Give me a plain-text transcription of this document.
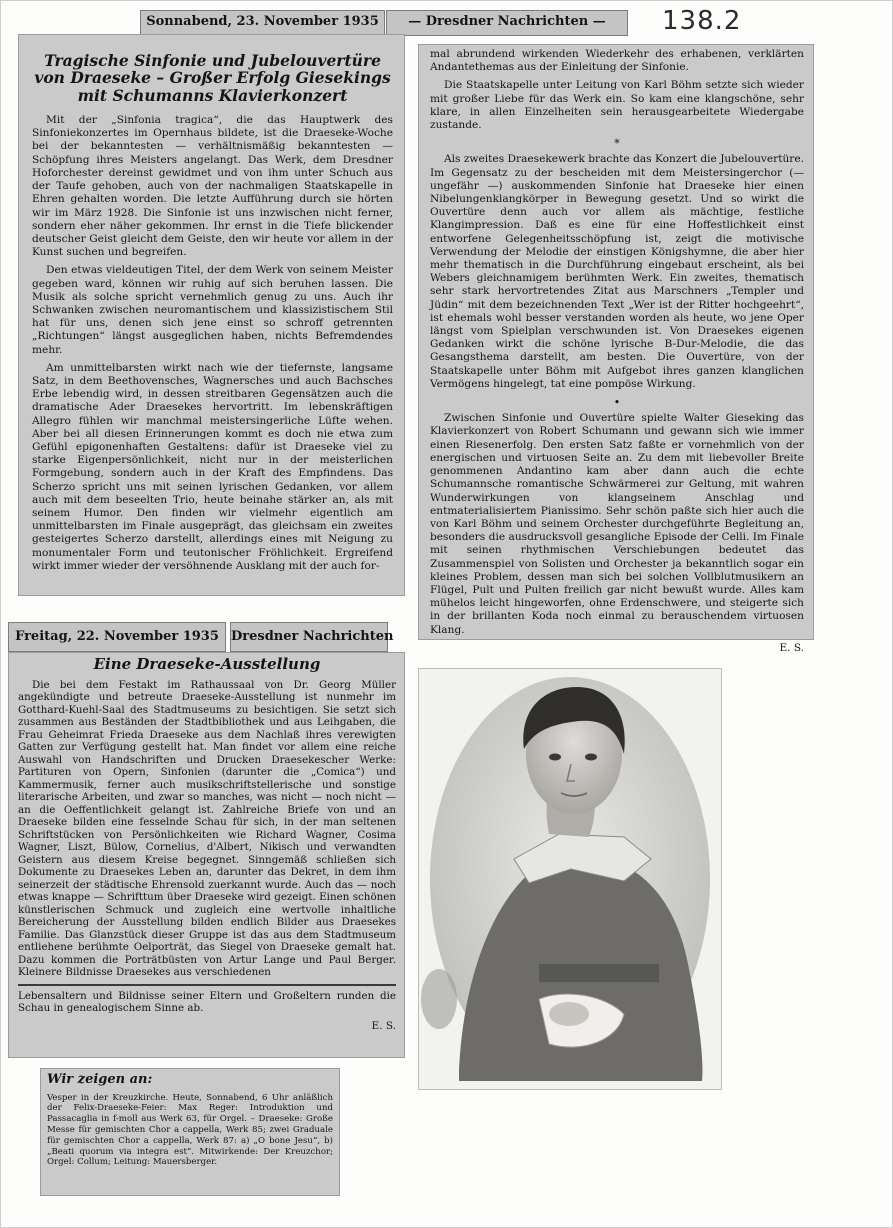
138.2
Sonnabend, 23. November 1935	— Dresdner Nachrichten —
Tragische Sinfonie und Jubelouvertüre von Draeseke – Großer Erfolg Giesekings mit Schumanns Klavierkonzert

Mit der „Sinfonia tragica“, die das Hauptwerk des Sinfoniekonzertes im Opernhaus bildete, ist die Draeseke-Woche bei der bekanntesten — verhältnismäßig bekanntesten — Schöpfung ihres Meisters angelangt. Das Werk, dem Dresdner Hoforchester dereinst gewidmet und von ihm unter Schuch aus der Taufe gehoben, auch von der nachmaligen Staatskapelle in Ehren gehalten worden. Die letzte Aufführung durch sie hörten wir im März 1928. Die Sinfonie ist uns inzwischen nicht ferner, sondern eher näher gekommen. Ihr ernst in die Tiefe blickender deutscher Geist gleicht dem Geiste, den wir heute vor allem in der Kunst suchen und begreifen.

Den etwas vieldeutigen Titel, der dem Werk von seinem Meister gegeben ward, können wir ruhig auf sich beruhen lassen. Die Musik als solche spricht vernehmlich genug zu uns. Auch ihr Schwanken zwischen neuromantischem und klassizistischem Stil hat für uns, denen sich jene einst so schroff getrennten „Richtungen“ längst ausgeglichen haben, nichts Befremdendes mehr.

Am unmittelbarsten wirkt nach wie der tiefernste, langsame Satz, in dem Beethovensches, Wagnersches und auch Bachsches Erbe lebendig wird, in dessen streitbaren Gegensätzen auch die dramatische Ader Draesekes hervortritt. Im lebenskräftigen Allegro fühlen wir manchmal meistersingerliche Lüfte wehen. Aber bei all diesen Erinnerungen kommt es doch nie etwa zum Gefühl epigonenhaften Gestaltens: dafür ist Draeseke viel zu starke Eigenpersönlichkeit, nicht nur in der meisterlichen Formgebung, sondern auch in der Kraft des Empfindens. Das Scherzo spricht uns mit seinen lyrischen Gedanken, vor allem auch mit dem beseelten Trio, heute beinahe stärker an, als mit seinem Humor. Den finden wir vielmehr eigentlich am unmittelbarsten im Finale ausgeprägt, das gleichsam ein zweites gesteigertes Scherzo darstellt, allerdings eines mit Neigung zu monumentaler Form und teutonischer Fröhlichkeit. Ergreifend wirkt immer wieder der versöhnende Ausklang mit der auch for-

mal abrundend wirkenden Wiederkehr des erhabenen, verklärten Andantethemas aus der Einleitung der Sinfonie.

Die Staatskapelle unter Leitung von Karl Böhm setzte sich wieder mit großer Liebe für das Werk ein. So kam eine klangschöne, sehr klare, in allen Einzelheiten sein herausgearbeitete Wiedergabe zustande.

*

Als zweites Draesekewerk brachte das Konzert die Jubelouvertüre. Im Gegensatz zu der bescheiden mit dem Meistersingerchor (— ungefähr —) auskommenden Sinfonie hat Draeseke hier einen Nibelungenklangkörper in Bewegung gesetzt. Und so wirkt die Ouvertüre denn auch vor allem als mächtige, festliche Klangimpression. Daß es eine für eine Hoffestlichkeit einst entworfene Gelegenheitsschöpfung ist, zeigt die motivische Verwendung der Melodie der einstigen Königshymne, die aber hier mehr thematisch in die Durchführung eingebaut erscheint, als bei Webers gleichnamigem berühmten Werk. Ein zweites, thematisch sehr stark hervortretendes Zitat aus Marschners „Templer und Jüdin“ mit dem bezeichnenden Text „Wer ist der Ritter hochgeehrt“, ist ehemals wohl besser verstanden worden als heute, wo jene Oper längst vom Spielplan verschwunden ist. Von Draesekes eigenen Gedanken wirkt die schöne lyrische B-Dur-Melodie, die das Gesangsthema darstellt, am besten. Die Ouvertüre, von der Staatskapelle unter Böhm mit Aufgebot ihres ganzen klanglichen Vermögens hingelegt, tat eine pompöse Wirkung.

•

Zwischen Sinfonie und Ouvertüre spielte Walter Gieseking das Klavierkonzert von Robert Schumann und gewann sich wie immer einen Riesenerfolg. Den ersten Satz faßte er vornehmlich von der energischen und virtuosen Seite an. Zu dem mit liebevoller Breite genommenen Andantino kam aber dann auch die echte Schumannsche romantische Schwärmerei zur Geltung, mit wahren Wunderwirkungen von klangseinem Anschlag und entmaterialisiertem Pianissimo. Sehr schön paßte sich hier auch die von Karl Böhm und seinem Orchester durchgeführte Begleitung an, besonders die ausdrucksvoll gesangliche Episode der Celli. Im Finale mit seinen rhythmischen Verschiebungen bedeutet das Zusammenspiel von Solisten und Orchester ja bekanntlich sogar ein kleines Problem, dessen man sich bei solchen Vollblutmusikern an Flügel, Pult und Pulten freilich gar nicht bewußt wurde. Alles kam mühelos leicht hingeworfen, ohne Erdenschwere, und steigerte sich in der brillanten Koda noch einmal zu berauschendem virtuosen Klang.

E. S.
Freitag, 22. November 1935 Dresdner Nachrichten
Eine Draeseke-Ausstellung

Die bei dem Festakt im Rathaussaal von Dr. Georg Müller angekündigte und betreute Draeseke-Ausstellung ist nunmehr im Gotthard-Kuehl-Saal des Stadtmuseums zu besichtigen. Sie setzt sich zusammen aus Beständen der Stadtbibliothek und aus Leihgaben, die Frau Geheimrat Frieda Draeseke aus dem Nachlaß ihres verewigten Gatten zur Verfügung gestellt hat. Man findet vor allem eine reiche Auswahl von Handschriften und Drucken Draesekescher Werke: Partituren von Opern, Sinfonien (darunter die „Comica“) und Kammermusik, ferner auch musikschriftstellerische und sonstige literarische Arbeiten, und zwar so manches, was nicht — noch nicht — an die Oeffentlichkeit gelangt ist. Zahlreiche Briefe von und an Draeseke bilden eine fesselnde Schau für sich, in der man seltenen Schriftstücken von Persönlichkeiten wie Richard Wagner, Cosima Wagner, Liszt, Bülow, Cornelius, d'Albert, Nikisch und verwandten Geistern aus diesem Kreise begegnet. Sinngemäß schließen sich Dokumente zu Draesekes Leben an, darunter das Dekret, in dem ihm seinerzeit der städtische Ehrensold zuerkannt wurde. Auch das — noch etwas knappe — Schrifttum über Draeseke wird gezeigt. Einen schönen künstlerischen Schmuck und zugleich eine wertvolle inhaltliche Bereicherung der Ausstellung bilden endlich Bilder aus Draesekes Familie. Das Glanzstück dieser Gruppe ist das aus dem Stadtmuseum entliehene berühmte Oelporträt, das Siegel von Draeseke gemalt hat. Dazu kommen die Porträtbüsten von Artur Lange und Paul Berger. Kleinere Bildnisse Draesekes aus verschiedenen

Lebensaltern und Bildnisse seiner Eltern und Großeltern runden die Schau in genealogischem Sinne ab.

E. S.
Wir zeigen an:

Vesper in der Kreuzkirche. Heute, Sonnabend, 6 Uhr anläßlich der Felix-Draeseke-Feier: Max Reger: Introduktion und Passacaglia in f-moll aus Werk 63, für Orgel. – Draeseke: Große Messe für gemischten Chor a cappella, Werk 85; zwei Graduale für gemischten Chor a cappella, Werk 87: a) „O bone Jesu“, b) „Beati quorum via integra est“. Mitwirkende: Der Kreuzchor; Orgel: Collum; Leitung: Mauersberger.
